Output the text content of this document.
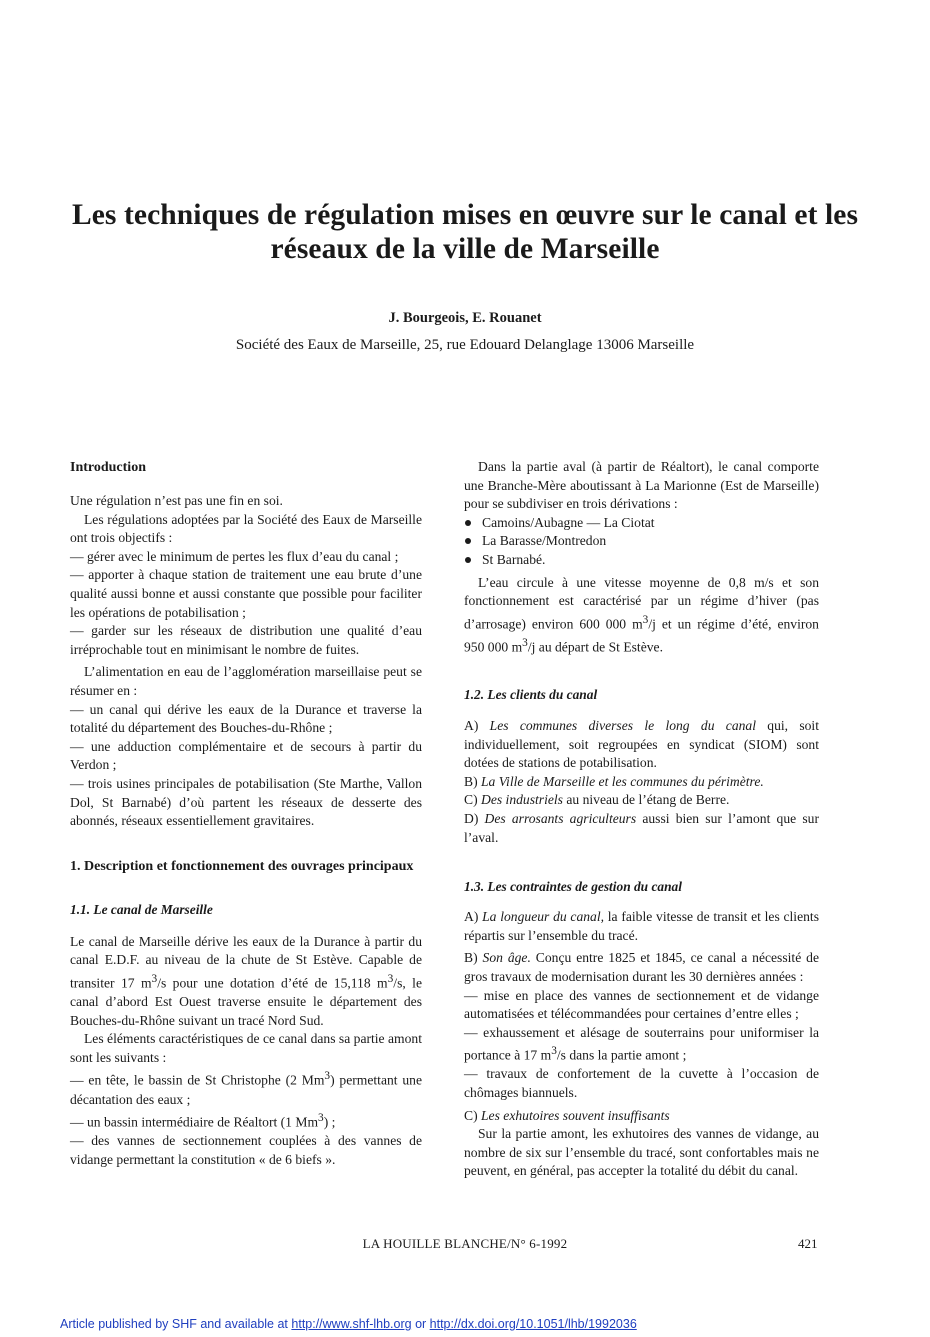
Les techniques de régulation mises en œuvre sur le canal et les réseaux de la ville de Marseille
J. Bourgeois, E. Rouanet
Société des Eaux de Marseille, 25, rue Edouard Delanglage 13006 Marseille
Introduction

Une régulation n’est pas une fin en soi.

Les régulations adoptées par la Société des Eaux de Marseille ont trois objectifs :

— gérer avec le minimum de pertes les flux d’eau du canal ;

— apporter à chaque station de traitement une eau brute d’une qualité aussi bonne et aussi constante que possible pour faciliter les opérations de potabilisation ;

— garder sur les réseaux de distribution une qualité d’eau irréprochable tout en minimisant le nombre de fuites.

L’alimentation en eau de l’agglomération marseillaise peut se résumer en :

— un canal qui dérive les eaux de la Durance et traverse la totalité du département des Bouches-du-Rhône ;

— une adduction complémentaire et de secours à partir du Verdon ;

— trois usines principales de potabilisation (Ste Marthe, Vallon Dol, St Barnabé) d’où partent les réseaux de desserte des abonnés, réseaux essentiellement gravitaires.

1. Description et fonctionnement des ouvrages principaux
1.1. Le canal de Marseille

Le canal de Marseille dérive les eaux de la Durance à partir du canal E.D.F. au niveau de la chute de St Estève. Capable de transiter 17 $m^3/s$ pour une dotation d’été de 15,118 $m^3/s$, le canal d’abord Est Ouest traverse ensuite le département des Bouches-du-Rhône suivant un tracé Nord Sud.

Les éléments caractéristiques de ce canal dans sa partie amont sont les suivants :

— en tête, le bassin de St Christophe (2 Mm$^3$) permettant une décantation des eaux ;

— un bassin intermédiaire de Réaltort (1 Mm$^3$) ;

— des vannes de sectionnement couplées à des vannes de vidange permettant la constitution « de 6 biefs ».

Dans la partie aval (à partir de Réaltort), le canal comporte une Branche-Mère aboutissant à La Marionne (Est de Marseille) pour se subdiviser en trois dérivations :

Camoins/Aubagne — La Ciotat
La Barasse/Montredon
St Barnabé.

L’eau circule à une vitesse moyenne de 0,8 m/s et son fonctionnement est caractérisé par un régime d’hiver (pas d’arrosage) environ 600 000 $m^3/j$ et un régime d’été, environ 950 000 $m^3/j$ au départ de St Estève.

1.2. Les clients du canal

A) Les communes diverses le long du canal qui, soit individuellement, soit regroupées en syndicat (SIOM) sont dotées de stations de potabilisation.

B) La Ville de Marseille et les communes du périmètre.

C) Des industriels au niveau de l’étang de Berre.

D) Des arrosants agriculteurs aussi bien sur l’amont que sur l’aval.

1.3. Les contraintes de gestion du canal

A) La longueur du canal, la faible vitesse de transit et les clients répartis sur l’ensemble du tracé.

B) Son âge. Conçu entre 1825 et 1845, ce canal a nécessité de gros travaux de modernisation durant les 30 dernières années :

— mise en place des vannes de sectionnement et de vidange automatisées et télécommandées pour certaines d’entre elles ;

— exhaussement et alésage de souterrains pour uniformiser la portance à 17 $m^3/s$ dans la partie amont ;

— travaux de confortement de la cuvette à l’occasion de chômages biannuels.

C) Les exhutoires souvent insuffisants

Sur la partie amont, les exhutoires des vannes de vidange, au nombre de six sur l’ensemble du tracé, sont confortables mais ne peuvent, en général, pas accepter la totalité du débit du canal.

LA HOUILLE BLANCHE/N° 6-1992	421
Article published by SHF and available at http://www.shf-lhb.org or http://dx.doi.org/10.1051/lhb/1992036
